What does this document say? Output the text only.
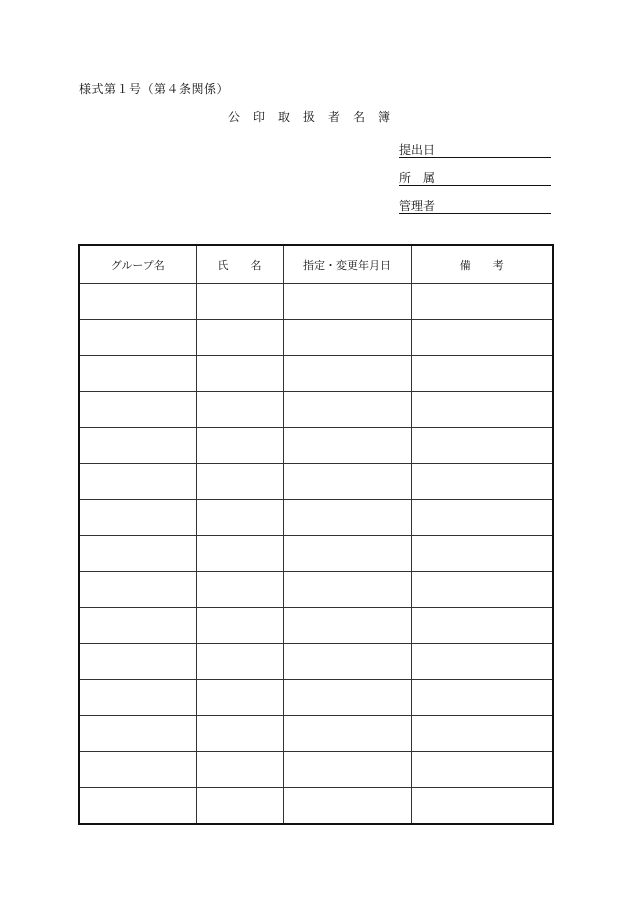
様式第１号（第４条関係）
公印取扱者名簿
提出日
所　属
管理者
グループ名	氏　　名	指定・変更年月日	備　　考
